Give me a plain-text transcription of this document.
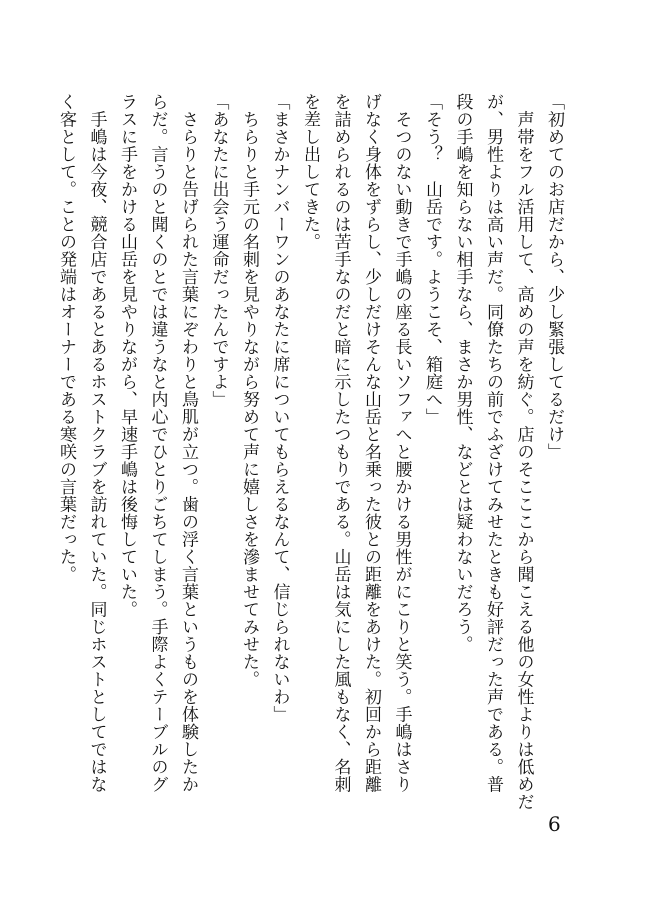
「初めてのお店だから、少し緊張してるだけ」
　声帯をフル活用して、高めの声を紡ぐ。店のそこここから聞こえる他の女性よりは低めだ
が、男性よりは高い声だ。同僚たちの前でふざけてみせたときも好評だった声である。普
段の手嶋を知らない相手なら、まさか男性、などとは疑わないだろう。
「そう？　山岳です。ようこそ、箱庭へ」
　そつのない動きで手嶋の座る長いソファへと腰かける男性がにこりと笑う。手嶋はさり
げなく身体をずらし、少しだけそんな山岳と名乗った彼との距離をあけた。初回から距離
を詰められるのは苦手なのだと暗に示したつもりである。山岳は気にした風もなく、名刺
を差し出してきた。
「まさかナンバーワンのあなたに席についてもらえるなんて、信じられないわ」
　ちらりと手元の名刺を見やりながら努めて声に嬉しさを滲ませてみせた。
「あなたに出会う運命だったんですよ」
　さらりと告げられた言葉にぞわりと鳥肌が立つ。歯の浮く言葉というものを体験したか
らだ。言うのと聞くのとでは違うなと内心でひとりごちてしまう。手際よくテーブルのグ
ラスに手をかける山岳を見やりながら、早速手嶋は後悔していた。
　手嶋は今夜、競合店であるとあるホストクラブを訪れていた。同じホストとしてではな
く客として。ことの発端はオーナーである寒咲の言葉だった。
6
